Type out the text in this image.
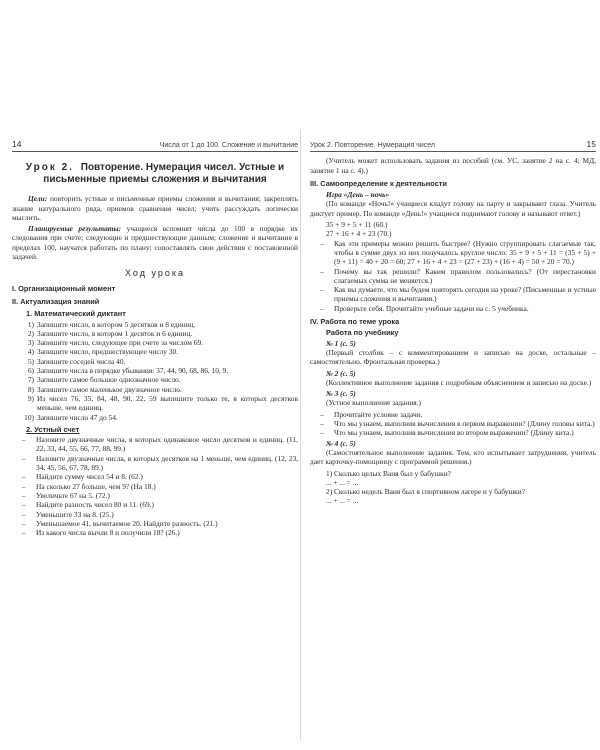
14	Числа от 1 до 100. Сложение и вычитание
Урок 2. Повторение. Нумерация чисел. Устные и письменные приемы сложения и вычитания

Цели: повторить устные и письменные приемы сложения и вычитания; закреплять знание натурального ряда, приемов сравнения чисел; учить рассуждать логически мыслить.

Планируемые результаты: учащиеся вспомнят числа до 100 в порядке их следования при счете; следующие и предшествующие данным; сложение и вычитание в пределах 100, научатся работать по плану; сопоставлять свои действия с поставленной задачей.

Ход урока
I. Организационный момент
II. Актуализация знаний
1. Математический диктант
1) Запишите число, в котором 5 десятков и 8 единиц.
2) Запишите число, в котором 1 десяток и 6 единиц.
3) Запишите число, следующее при счете за числом 69.
4) Запишите число, предшествующее числу 30.
5) Запишите соседей числа 40.
6) Запишите числа в порядке убывания: 37, 44, 90, 68, 86, 10, 9.
7) Запишите самое большое однозначное число.
8) Запишите самое маленькое двузначное число.
9) Из чисел 76, 35, 84, 48, 90, 22, 59 выпишите только те, в которых десятков меньше, чем единиц.
10) Запишите число 47 до 54.
2. Устный счет
–	Назовите двузначные числа, в которых одинаковое число десятков и единиц. (11, 22, 33, 44, 55, 66, 77, 88, 99.)
–	Назовите двузначные числа, в которых десятков на 1 меньше, чем единиц. (12, 23, 34, 45, 56, 67, 78, 89.)
–	Найдите сумму чисел 54 и 8. (62.)
–	На сколько 27 больше, чем 9? (На 18.)
–	Увеличьте 67 на 5. (72.)
–	Найдите разность чисел 80 и 11. (69.)
–	Уменьшите 33 на 8. (25.)
–	Уменьшаемое 41, вычитаемое 20. Найдите разность. (21.)
–	Из какого числа вычли 8 и получили 18? (26.)
Урок 2. Повторение. Нумерация чисел	15

(Учитель может использовать задания из пособий (см. УС, занятие 2 на с. 4; МД, занятие 1 на с. 4).)

III. Самоопределение к деятельности
Игра «День – ночь»

(По команде «Ночь!» учащиеся кладут голову на парту и закрывают глаза. Учитель диктует пример. По команде «День!» учащиеся поднимают голову и называют ответ.)

35 + 9 + 5 + 11 (60.)
27 + 16 + 4 + 23 (70.)
–	Как эти примеры можно решить быстрее? (Нужно сгруппировать слагаемые так, чтобы в сумме двух из них получалось круглое число: 35 + 9 + 5 + 11 = (35 + 5) + (9 + 11) = 40 + 20 = 60; 27 + 16 + 4 + 23 = (27 + 23) + (16 + 4) = 50 + 20 = 70.)
–	Почему вы так решили? Каким правилом пользовались? (От перестановки слагаемых сумма не меняется.)
–	Как вы думаете, что мы будем повторять сегодня на уроке? (Письменные и устные приемы сложения и вычитания.)
–	Проверьте себя. Прочитайте учебные задачи на с. 5 учебника.
IV. Работа по теме урока
Работа по учебнику
№ 1 (с. 5)

(Первый столбик – с комментированием и записью на доске, остальные – самостоятельно. Фронтальная проверка.)

№ 2 (с. 5)

(Коллективное выполнение задания с подробным объяснением и записью на доске.)

№ 3 (с. 5)

(Устное выполнение задания.)

–	Прочитайте условие задачи.
–	Что мы узнаем, выполнив вычисления в первом выражении? (Длину головы кита.)
–	Что мы узнаем, выполнив вычисления во втором выражении? (Длину кита.)
№ 4 (с. 5)

(Самостоятельное выполнение задания. Тем, кто испытывает затруднения, учитель дает карточку-помощницу с программой решения.)

1) Сколько целых Ваня был у бабушки?
... + ... = ...
2) Сколько недель Ваня был в спортивном лагере и у бабушки?
... + ... = ...
